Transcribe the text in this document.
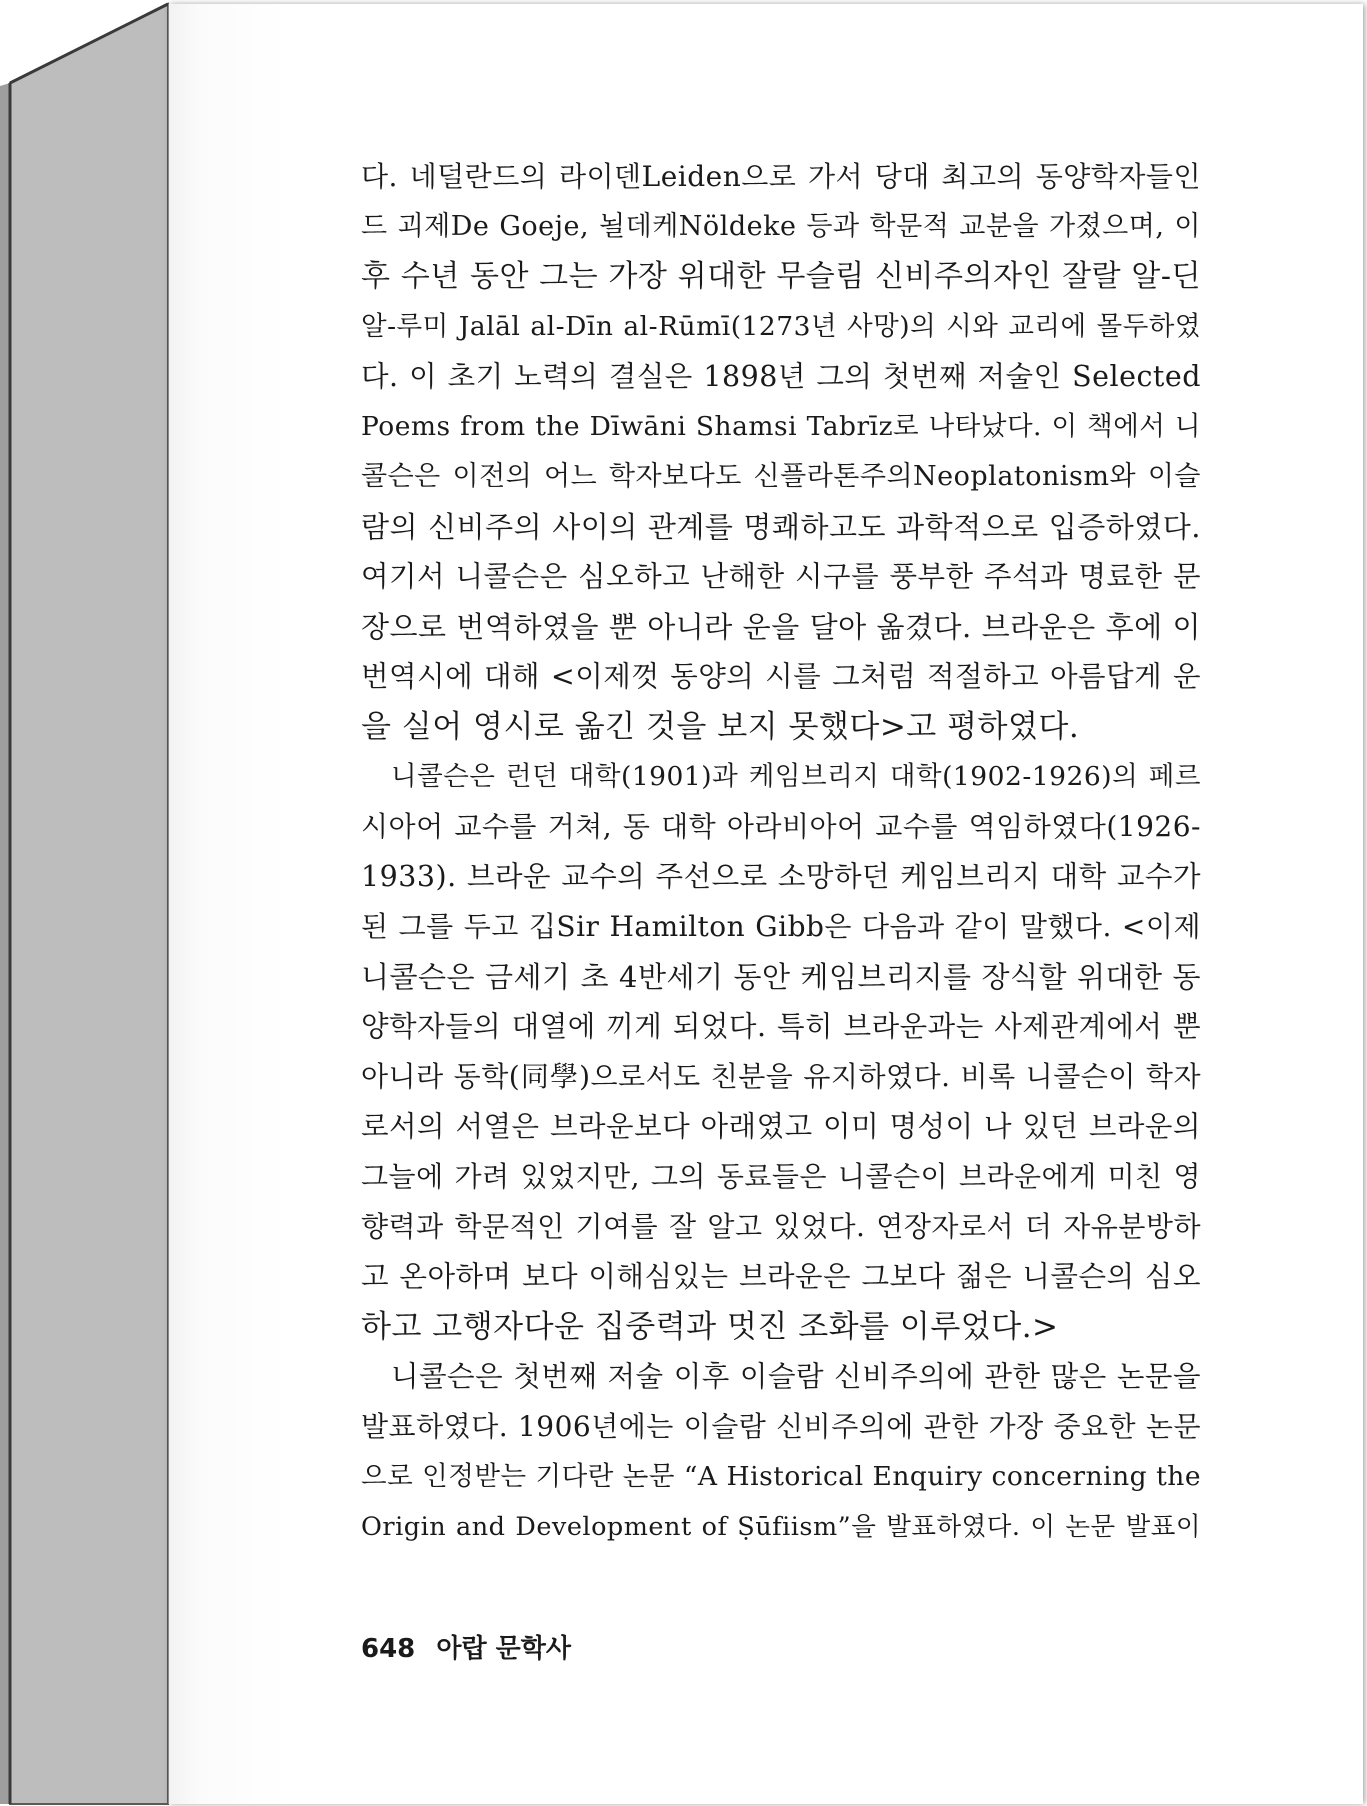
다. 네덜란드의 라이덴Leiden으로 가서 당대 최고의 동양학자들인
드 괴제De Goeje, 뇔데케Nöldeke 등과 학문적 교분을 가졌으며, 이
후 수년 동안 그는 가장 위대한 무슬림 신비주의자인 잘랄 알-딘
알-루미 Jalāl al-Dīn al-Rūmī(1273년 사망)의 시와 교리에 몰두하였
다. 이 초기 노력의 결실은 1898년 그의 첫번째 저술인 Selected
Poems from the Dīwāni Shamsi Tabrīz로 나타났다. 이 책에서 니
콜슨은 이전의 어느 학자보다도 신플라톤주의Neoplatonism와 이슬
람의 신비주의 사이의 관계를 명쾌하고도 과학적으로 입증하였다.
여기서 니콜슨은 심오하고 난해한 시구를 풍부한 주석과 명료한 문
장으로 번역하였을 뿐 아니라 운을 달아 옮겼다. 브라운은 후에 이
번역시에 대해 <이제껏 동양의 시를 그처럼 적절하고 아름답게 운
을 실어 영시로 옮긴 것을 보지 못했다>고 평하였다.
니콜슨은 런던 대학(1901)과 케임브리지 대학(1902-1926)의 페르
시아어 교수를 거쳐, 동 대학 아라비아어 교수를 역임하였다(1926-
1933). 브라운 교수의 주선으로 소망하던 케임브리지 대학 교수가
된 그를 두고 깁Sir Hamilton Gibb은 다음과 같이 말했다. <이제
니콜슨은 금세기 초 4반세기 동안 케임브리지를 장식할 위대한 동
양학자들의 대열에 끼게 되었다. 특히 브라운과는 사제관계에서 뿐
아니라 동학(同學)으로서도 친분을 유지하였다. 비록 니콜슨이 학자
로서의 서열은 브라운보다 아래였고 이미 명성이 나 있던 브라운의
그늘에 가려 있었지만, 그의 동료들은 니콜슨이 브라운에게 미친 영
향력과 학문적인 기여를 잘 알고 있었다. 연장자로서 더 자유분방하
고 온아하며 보다 이해심있는 브라운은 그보다 젊은 니콜슨의 심오
하고 고행자다운 집중력과 멋진 조화를 이루었다.>
니콜슨은 첫번째 저술 이후 이슬람 신비주의에 관한 많은 논문을
발표하였다. 1906년에는 이슬람 신비주의에 관한 가장 중요한 논문
으로 인정받는 기다란 논문 “A Historical Enquiry concerning the
Origin and Development of Ṣūfiism”을 발표하였다. 이 논문 발표이
648 아랍 문학사
